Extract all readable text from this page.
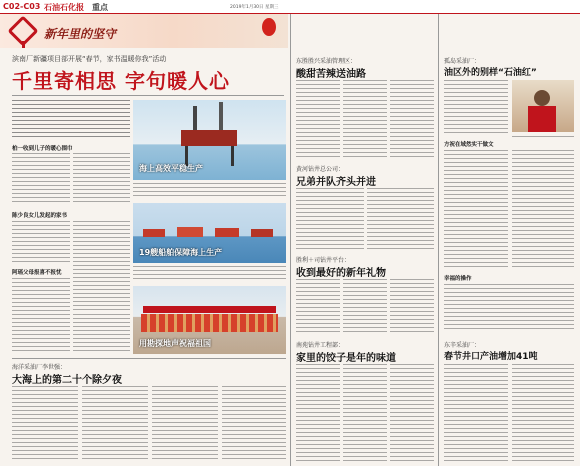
C02-C03 石油石化报 重点	2019年1月30日 星期三
新年里的坚守
滨南厂新疆项目部开展“春节，家书温暖你我”活动
千里寄相思 字句暖人心
柏一收到儿子的暖心围巾
陈少良女儿发起的家书
阿瑶父母报喜不报忧
海上高效平稳生产
19艘船舶保障海上生产
用勘探地声祝福祖国
海洋采油厂李世强：
大海上的第二十个除夕夜
东胜胜兴采油管理区：
酸甜苦辣送油路
黄河钻井总公司：
兄弟并队齐头并进
胜利＋司钻井平台：
收到最好的新年礼物
南苑钻井工程部：
家里的饺子是年的味道
孤岛采油厂：
油区外的别样“石油红”
方祝在域然实干做文
幸福的操作
东辛采油厂：
春节井口产油增加41吨
